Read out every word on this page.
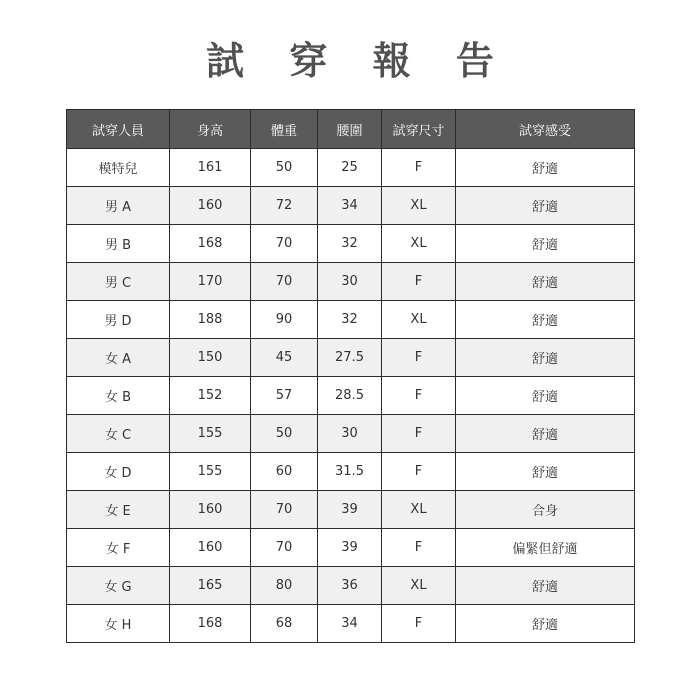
試 穿 報 告
試穿人員	身高	體重	腰圍	試穿尺寸	試穿感受
模特兒	161	50	25	F	舒適
男 A	160	72	34	XL	舒適
男 B	168	70	32	XL	舒適
男 C	170	70	30	F	舒適
男 D	188	90	32	XL	舒適
女 A	150	45	27.5	F	舒適
女 B	152	57	28.5	F	舒適
女 C	155	50	30	F	舒適
女 D	155	60	31.5	F	舒適
女 E	160	70	39	XL	合身
女 F	160	70	39	F	偏緊但舒適
女 G	165	80	36	XL	舒適
女 H	168	68	34	F	舒適
